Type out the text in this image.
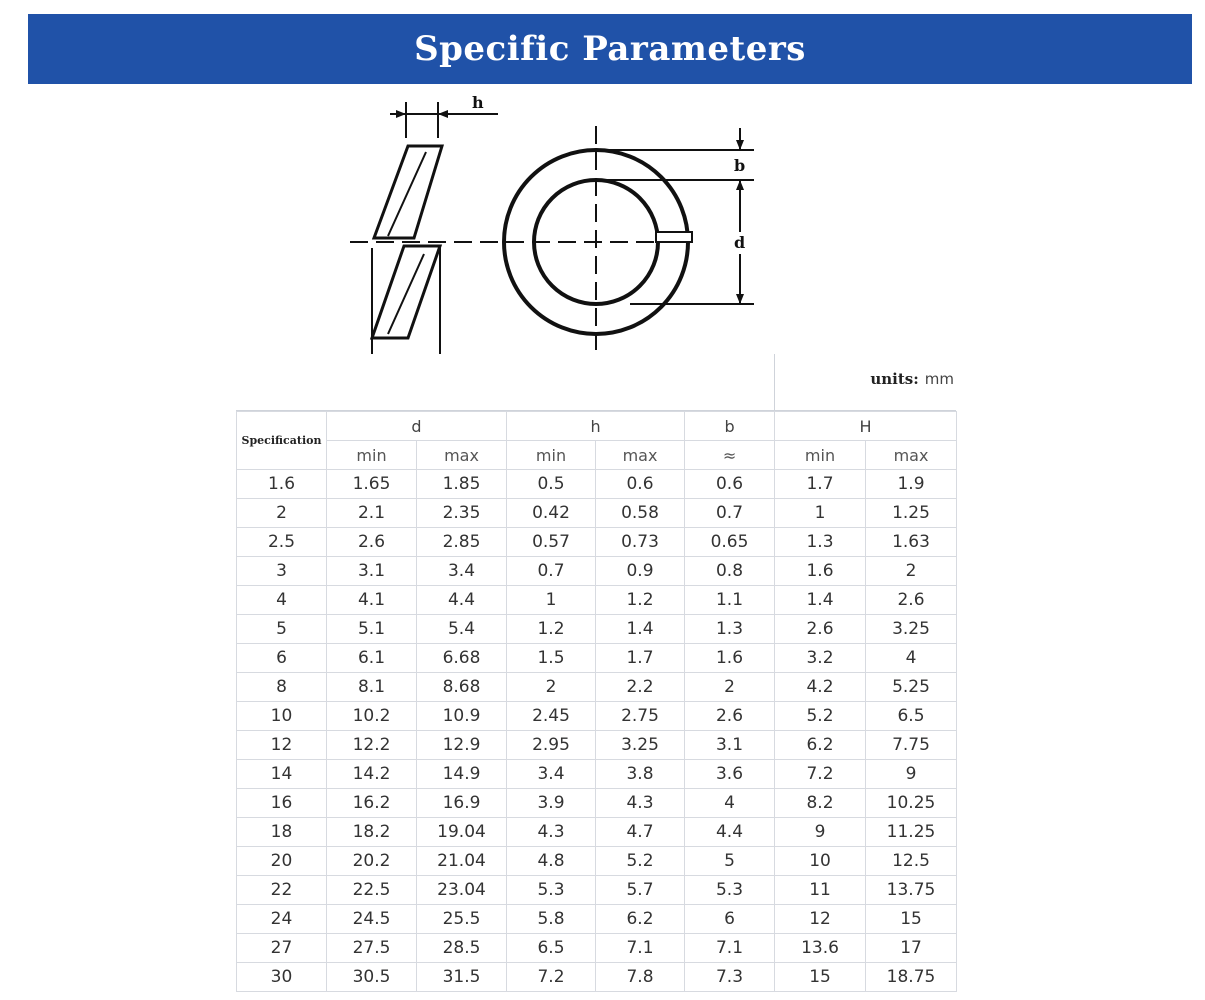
Specific Parameters
h
b
d
units: mm
Specification	d		h		b	H	
	min	max	min	max	≈	min	max
1.6	1.65	1.85	0.5	0.6	0.6	1.7	1.9
2	2.1	2.35	0.42	0.58	0.7	1	1.25
2.5	2.6	2.85	0.57	0.73	0.65	1.3	1.63
3	3.1	3.4	0.7	0.9	0.8	1.6	2
4	4.1	4.4	1	1.2	1.1	1.4	2.6
5	5.1	5.4	1.2	1.4	1.3	2.6	3.25
6	6.1	6.68	1.5	1.7	1.6	3.2	4
8	8.1	8.68	2	2.2	2	4.2	5.25
10	10.2	10.9	2.45	2.75	2.6	5.2	6.5
12	12.2	12.9	2.95	3.25	3.1	6.2	7.75
14	14.2	14.9	3.4	3.8	3.6	7.2	9
16	16.2	16.9	3.9	4.3	4	8.2	10.25
18	18.2	19.04	4.3	4.7	4.4	9	11.25
20	20.2	21.04	4.8	5.2	5	10	12.5
22	22.5	23.04	5.3	5.7	5.3	11	13.75
24	24.5	25.5	5.8	6.2	6	12	15
27	27.5	28.5	6.5	7.1	7.1	13.6	17
30	30.5	31.5	7.2	7.8	7.3	15	18.75
